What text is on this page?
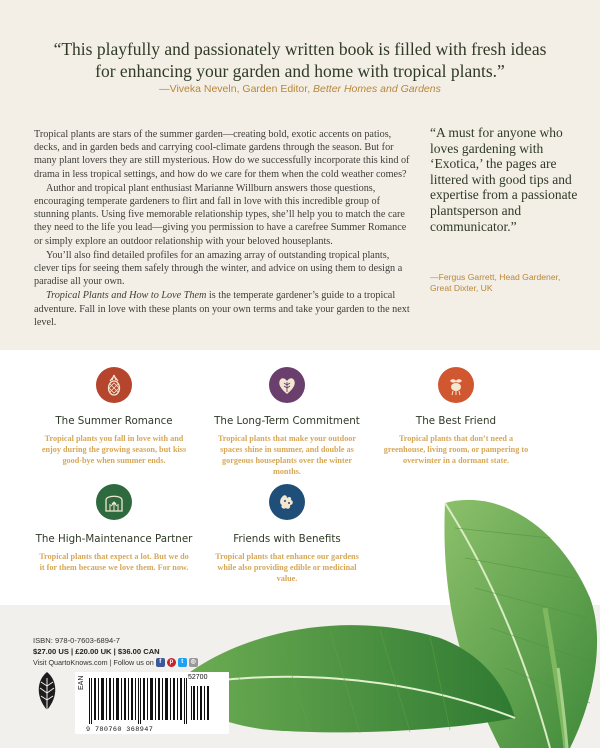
“This playfully and passionately written book is filled with fresh ideas
for enhancing your garden and home with tropical plants.”
—Viveka Neveln, Garden Editor, Better Homes and Gardens

Tropical plants are stars of the summer garden—creating bold, exotic accents on patios, decks, and in garden beds and carrying cool-climate gardens through the season. But for many plant lovers they are still mysterious. How do we successfully incorporate this kind of drama in less tropical settings, and how do we care for them when the cold weather comes?

Author and tropical plant enthusiast Marianne Willburn answers those questions, encouraging temperate gardeners to flirt and fall in love with this incredible group of stunning plants. Using five memorable relationship types, she’ll help you to match the care they need to the life you lead—giving you permission to have a carefree Summer Romance or simply explore an outdoor relationship with your beloved houseplants.

You’ll also find detailed profiles for an amazing array of outstanding tropical plants, clever tips for seeing them safely through the winter, and advice on using them to design a paradise all your own.

Tropical Plants and How to Love Them is the temperate gardener’s guide to a tropical adventure. Fall in love with these plants on your own terms and take your garden to the next level.

“A must for anyone who loves gardening with ‘Exotica,’ the pages are littered with good tips and expertise from a passionate plantsperson and communicator.”
—Fergus Garrett, Head Gardener, Great Dixter, UK
The Summer Romance
Tropical plants you fall in love with and enjoy during the growing season, but kiss good-bye when summer ends.
The Long-Term Commitment
Tropical plants that make your outdoor spaces shine in summer, and double as gorgeous houseplants over the winter months.
The Best Friend
Tropical plants that don’t need a greenhouse, living room, or pampering to overwinter in a dormant state.
The High-Maintenance Partner
Tropical plants that expect a lot. But we do it for them because we love them. For now.
Friends with Benefits
Tropical plants that enhance our gardens while also providing edible or medicinal value.
ISBN: 978-0-7603-6894-7
$27.00 US | £20.00 UK | $36.00 CAN
Visit QuartoKnows.com | Follow us on f	p	t	◎
EAN	52700
9 780760 368947
